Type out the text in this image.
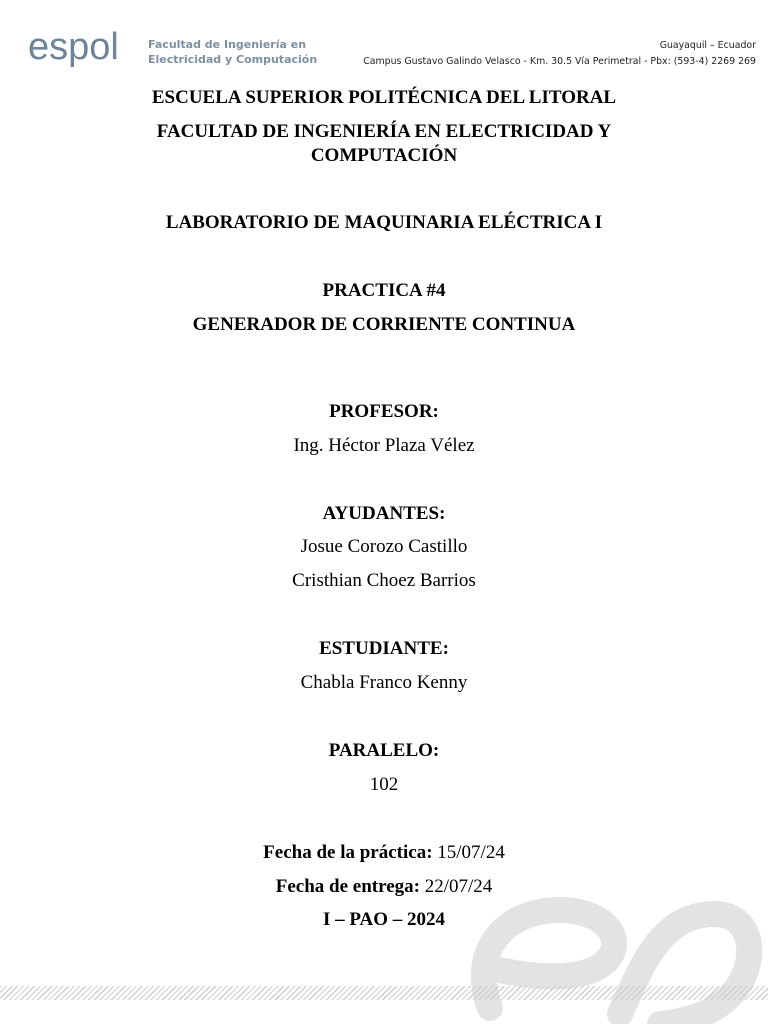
espol	Facultad de Ingeniería en
Electricidad y Computación
Guayaquil – Ecuador
Campus Gustavo Galindo Velasco - Km. 30.5 Vía Perimetral - Pbx: (593-4) 2269 269
ESCUELA SUPERIOR POLITÉCNICA DEL LITORAL
FACULTAD DE INGENIERÍA EN ELECTRICIDAD Y
COMPUTACIÓN
LABORATORIO DE MAQUINARIA ELÉCTRICA I
PRACTICA #4
GENERADOR DE CORRIENTE CONTINUA
PROFESOR:
Ing. Héctor Plaza Vélez
AYUDANTES:
Josue Corozo Castillo
Cristhian Choez Barrios
ESTUDIANTE:
Chabla Franco Kenny
PARALELO:
102
Fecha de la práctica: 15/07/24
Fecha de entrega: 22/07/24
I – PAO – 2024
